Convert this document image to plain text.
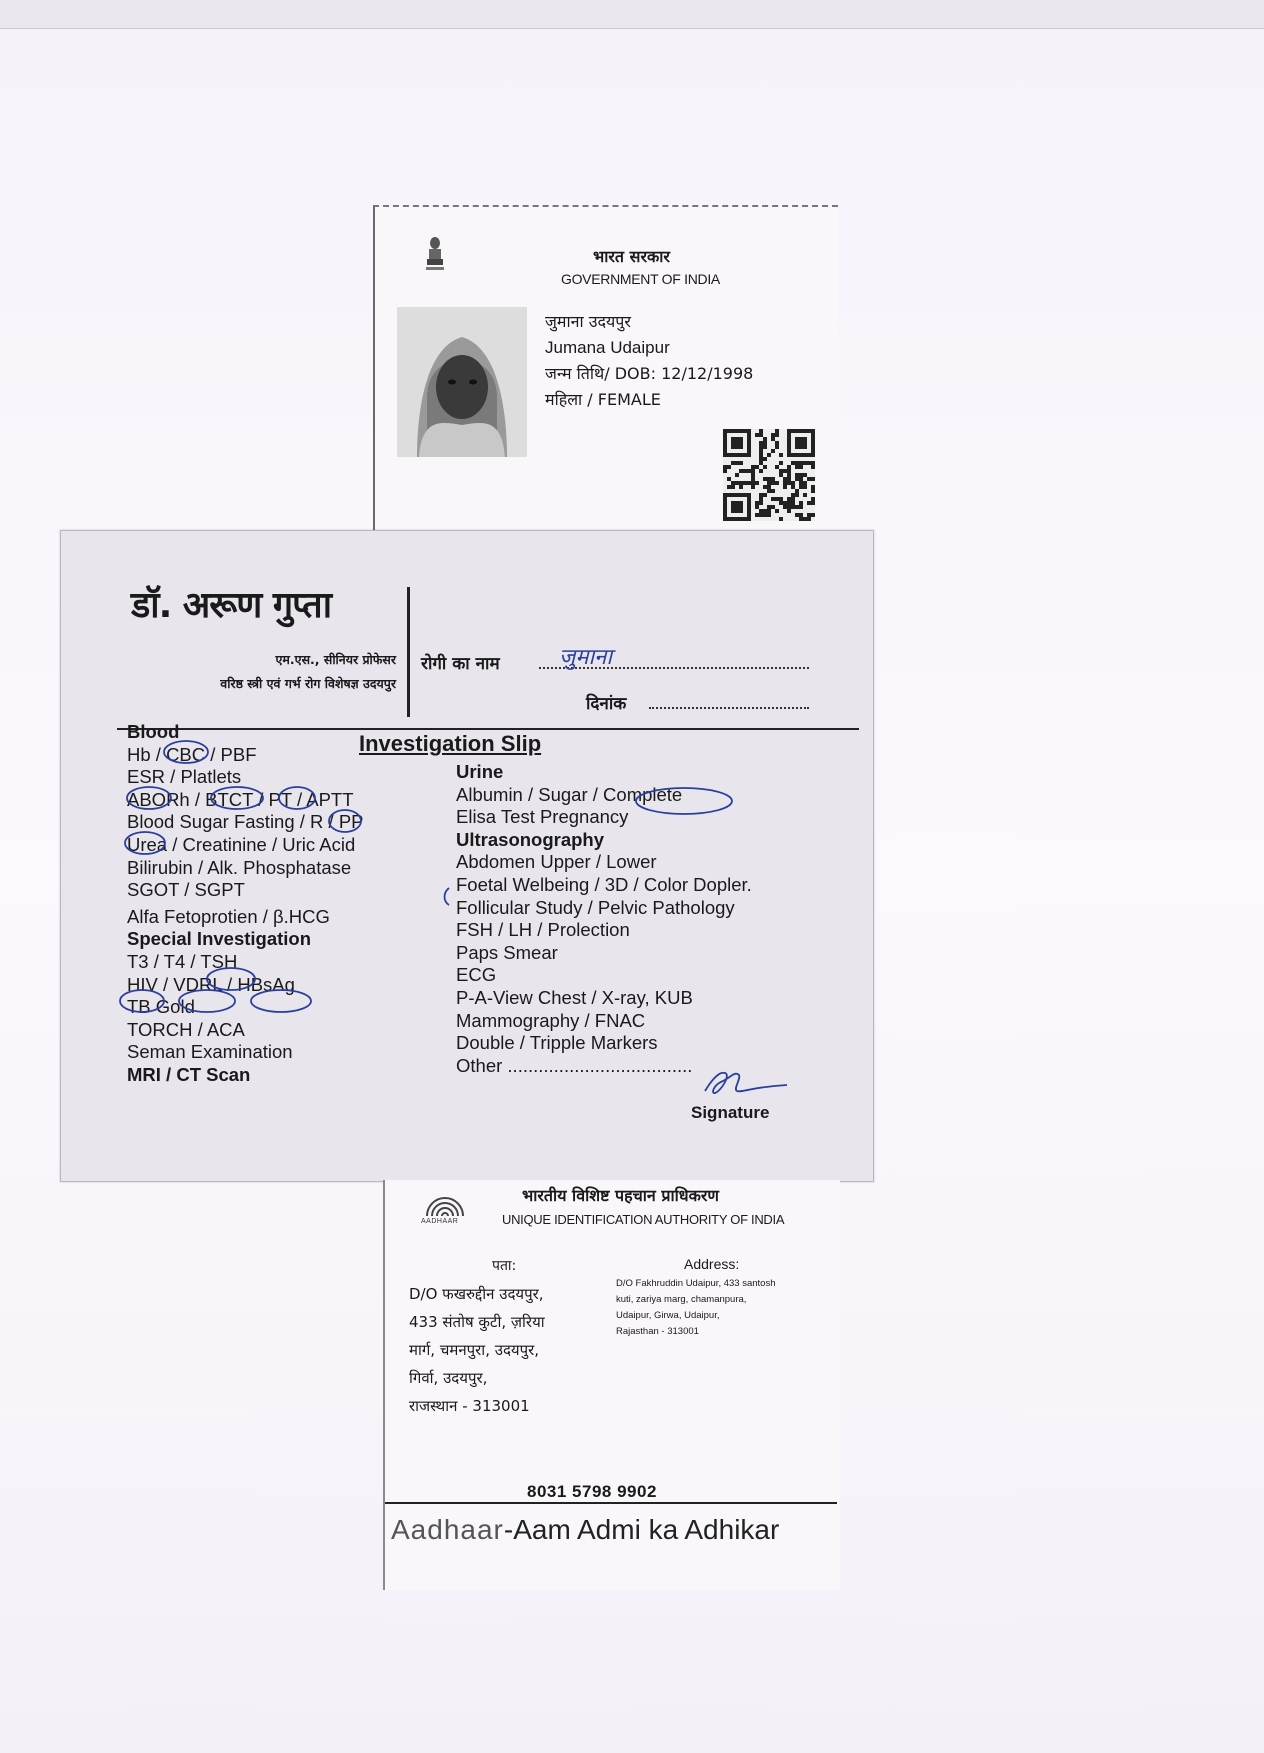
भारत सरकार
GOVERNMENT OF INDIA
जुमाना उदयपुर
Jumana Udaipur
जन्म तिथि/ DOB: 12/12/1998
महिला / FEMALE
डॉ. अरूण गुप्ता
एम.एस., सीनियर प्रोफेसर
वरिष्ठ स्त्री एवं गर्भ रोग विशेषज्ञ उदयपुर
रोगी का नाम	जुमाना
दिनांक
Investigation Slip
Blood
Hb / CBC / PBF
ESR / Platlets
ABORh / BTCT / PT / APTT
Blood Sugar Fasting / R / PP
Urea / Creatinine / Uric Acid
Bilirubin / Alk. Phosphatase
SGOT / SGPT
Alfa Fetoprotien / β.HCG
Special Investigation
T3 / T4 / TSH
HIV / VDRL / HBsAg
TB Gold
TORCH / ACA
Seman Examination
MRI / CT Scan
Urine
Albumin / Sugar / Complete
Elisa Test Pregnancy
Ultrasonography
Abdomen Upper / Lower
Foetal Welbeing / 3D / Color Dopler.
Follicular Study / Pelvic Pathology
FSH / LH / Prolection
Paps Smear
ECG
P-A-View Chest / X-ray, KUB
Mammography / FNAC
Double / Tripple Markers
Other ....................................
Signature
AADHAAR
भारतीय विशिष्ट पहचान प्राधिकरण
UNIQUE IDENTIFICATION AUTHORITY OF INDIA
पता:	Address:
D/O फखरुद्दीन उदयपुर,
433 संतोष कुटी, ज़रिया
मार्ग, चमनपुरा, उदयपुर,
गिर्वा, उदयपुर,
राजस्थान - 313001
D/O Fakhruddin Udaipur, 433 santosh
kuti, zariya marg, chamanpura,
Udaipur, Girwa, Udaipur,
Rajasthan - 313001
8031 5798 9902
Aadhaar-Aam Admi ka Adhikar
